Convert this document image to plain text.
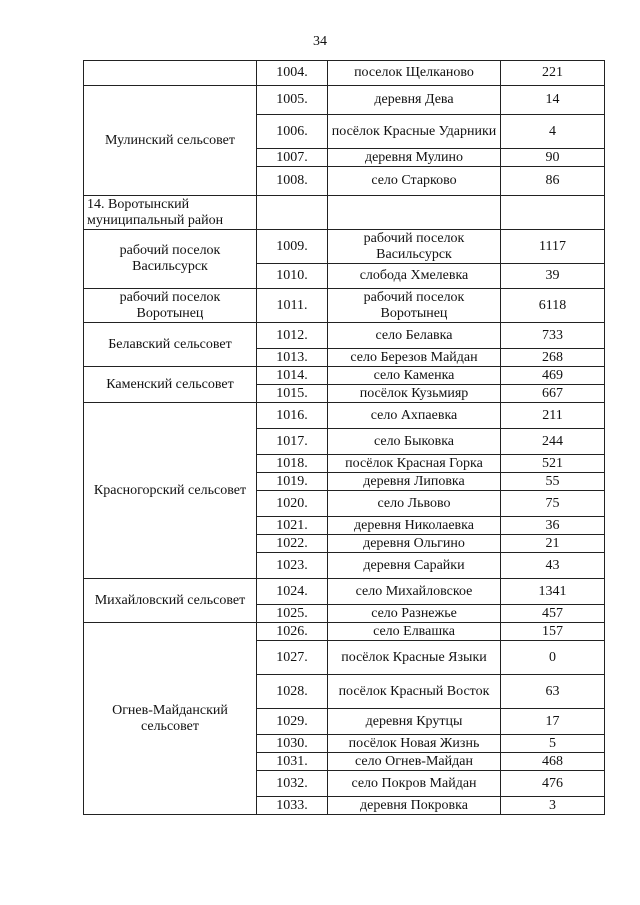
34
	1004.	поселок Щелканово	221
Мулинский сельсовет	1005.	деревня Дева	14
	1006.	посёлок Красные Ударники	4
	1007.	деревня Мулино	90
	1008.	село Старково	86
14. Воротынский муниципальный район			
рабочий поселок Васильсурск	1009.	рабочий поселок Васильсурск	1117
	1010.	слобода Хмелевка	39
рабочий поселок Воротынец	1011.	рабочий поселок Воротынец	6118
Белавский сельсовет	1012.	село Белавка	733
	1013.	село Березов Майдан	268
Каменский сельсовет	1014.	село Каменка	469
	1015.	посёлок Кузьмияр	667
Красногорский сельсовет	1016.	село Ахпаевка	211
	1017.	село Быковка	244
	1018.	посёлок Красная Горка	521
	1019.	деревня Липовка	55
	1020.	село Львово	75
	1021.	деревня Николаевка	36
	1022.	деревня Ольгино	21
	1023.	деревня Сарайки	43
Михайловский сельсовет	1024.	село Михайловское	1341
	1025.	село Разнежье	457
Огнев-Майданский сельсовет	1026.	село Елвашка	157
	1027.	посёлок Красные Языки	0
	1028.	посёлок Красный Восток	63
	1029.	деревня Крутцы	17
	1030.	посёлок Новая Жизнь	5
	1031.	село Огнев-Майдан	468
	1032.	село Покров Майдан	476
	1033.	деревня Покровка	3
